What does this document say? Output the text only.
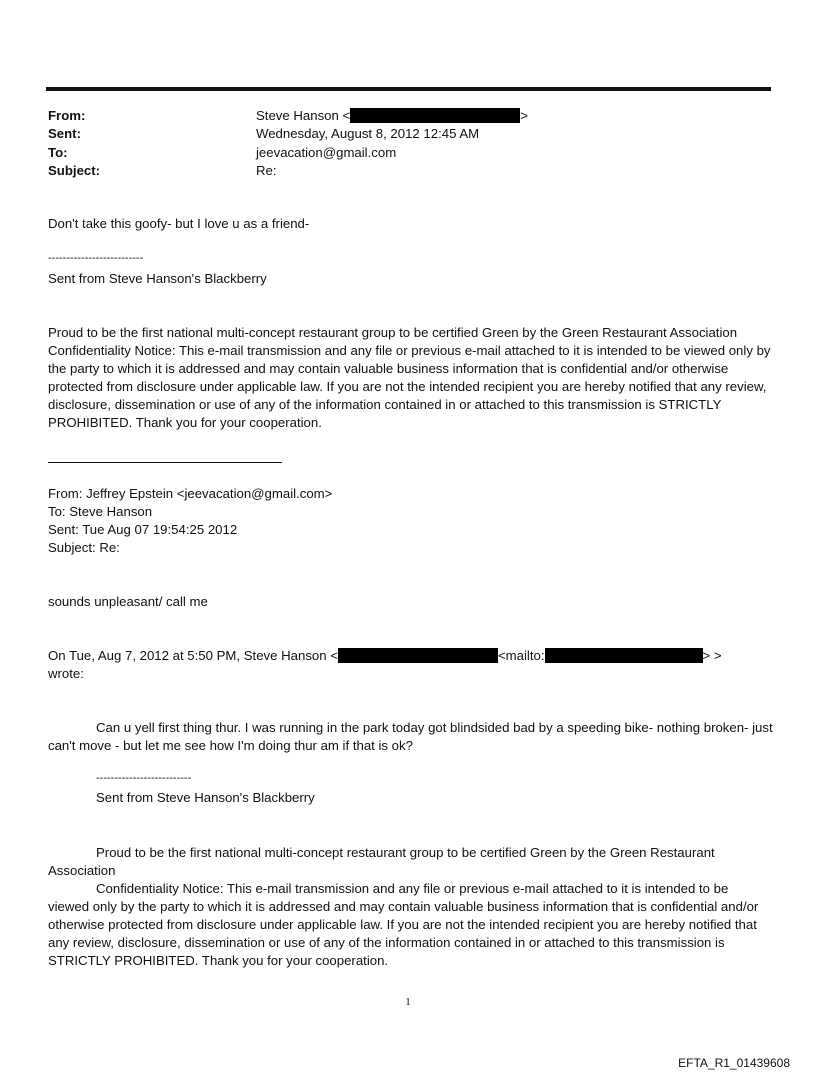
From:	Steve Hanson <	>
Sent:	Wednesday, August 8, 2012 12:45 AM
To:	jeevacation@gmail.com
Subject:	Re:
Don't take this goofy- but I love u as a friend-
--------------------------
Sent from Steve Hanson's Blackberry
Proud to be the first national multi-concept restaurant group to be certified Green by the Green Restaurant Association
Confidentiality Notice: This e-mail transmission and any file or previous e-mail attached to it is intended to be viewed only by the party to which it is addressed and may contain valuable business information that is confidential and/or otherwise protected from disclosure under applicable law. If you are not the intended recipient you are hereby notified that any review, disclosure, dissemination or use of any of the information contained in or attached to this transmission is STRICTLY PROHIBITED. Thank you for your cooperation.
From: Jeffrey Epstein <jeevacation@gmail.com>
To: Steve Hanson
Sent: Tue Aug 07 19:54:25 2012
Subject: Re:
sounds unpleasant/ call me
On Tue, Aug 7, 2012 at 5:50 PM, Steve Hanson <	<mailto:	> >
wrote:
Can u yell first thing thur. I was running in the park today got blindsided bad by a speeding bike- nothing broken- just can't move - but let me see how I'm doing thur am if that is ok?
--------------------------
Sent from Steve Hanson's Blackberry
Proud to be the first national multi-concept restaurant group to be certified Green by the Green Restaurant Association
Confidentiality Notice: This e-mail transmission and any file or previous e-mail attached to it is intended to be viewed only by the party to which it is addressed and may contain valuable business information that is confidential and/or otherwise protected from disclosure under applicable law. If you are not the intended recipient you are hereby notified that any review, disclosure, dissemination or use of any of the information contained in or attached to this transmission is STRICTLY PROHIBITED. Thank you for your cooperation.
1
EFTA_R1_01439608
